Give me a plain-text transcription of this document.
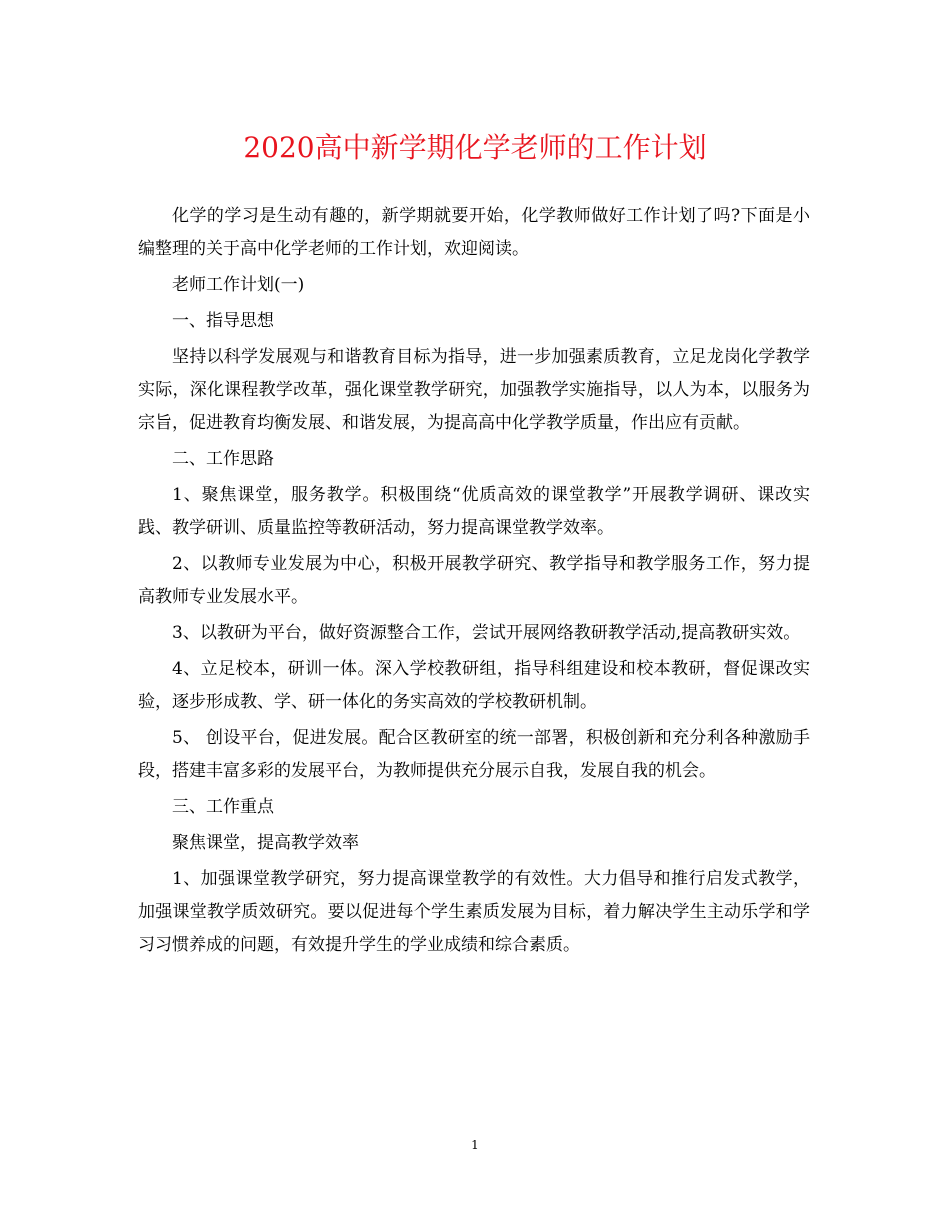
2020高中新学期化学老师的工作计划

化学的学习是生动有趣的，新学期就要开始，化学教师做好工作计划了吗?下面是小编整理的关于高中化学老师的工作计划，欢迎阅读。

老师工作计划(一)

一、指导思想

坚持以科学发展观与和谐教育目标为指导，进一步加强素质教育，立足龙岗化学教学实际，深化课程教学改革，强化课堂教学研究，加强教学实施指导，以人为本，以服务为宗旨，促进教育均衡发展、和谐发展，为提高高中化学教学质量，作出应有贡献。

二、工作思路

1、聚焦课堂，服务教学。积极围绕“优质高效的课堂教学”开展教学调研、课改实践、教学研训、质量监控等教研活动，努力提高课堂教学效率。

2、以教师专业发展为中心，积极开展教学研究、教学指导和教学服务工作，努力提高教师专业发展水平。

3、以教研为平台，做好资源整合工作，尝试开展网络教研教学活动,提高教研实效。

4、立足校本，研训一体。深入学校教研组，指导科组建设和校本教研，督促课改实验，逐步形成教、学、研一体化的务实高效的学校教研机制。

5、 创设平台，促进发展。配合区教研室的统一部署，积极创新和充分利各种激励手段，搭建丰富多彩的发展平台，为教师提供充分展示自我，发展自我的机会。

三、工作重点

聚焦课堂，提高教学效率

1、加强课堂教学研究，努力提高课堂教学的有效性。大力倡导和推行启发式教学，加强课堂教学质效研究。要以促进每个学生素质发展为目标，着力解决学生主动乐学和学习习惯养成的问题，有效提升学生的学业成绩和综合素质。

1
